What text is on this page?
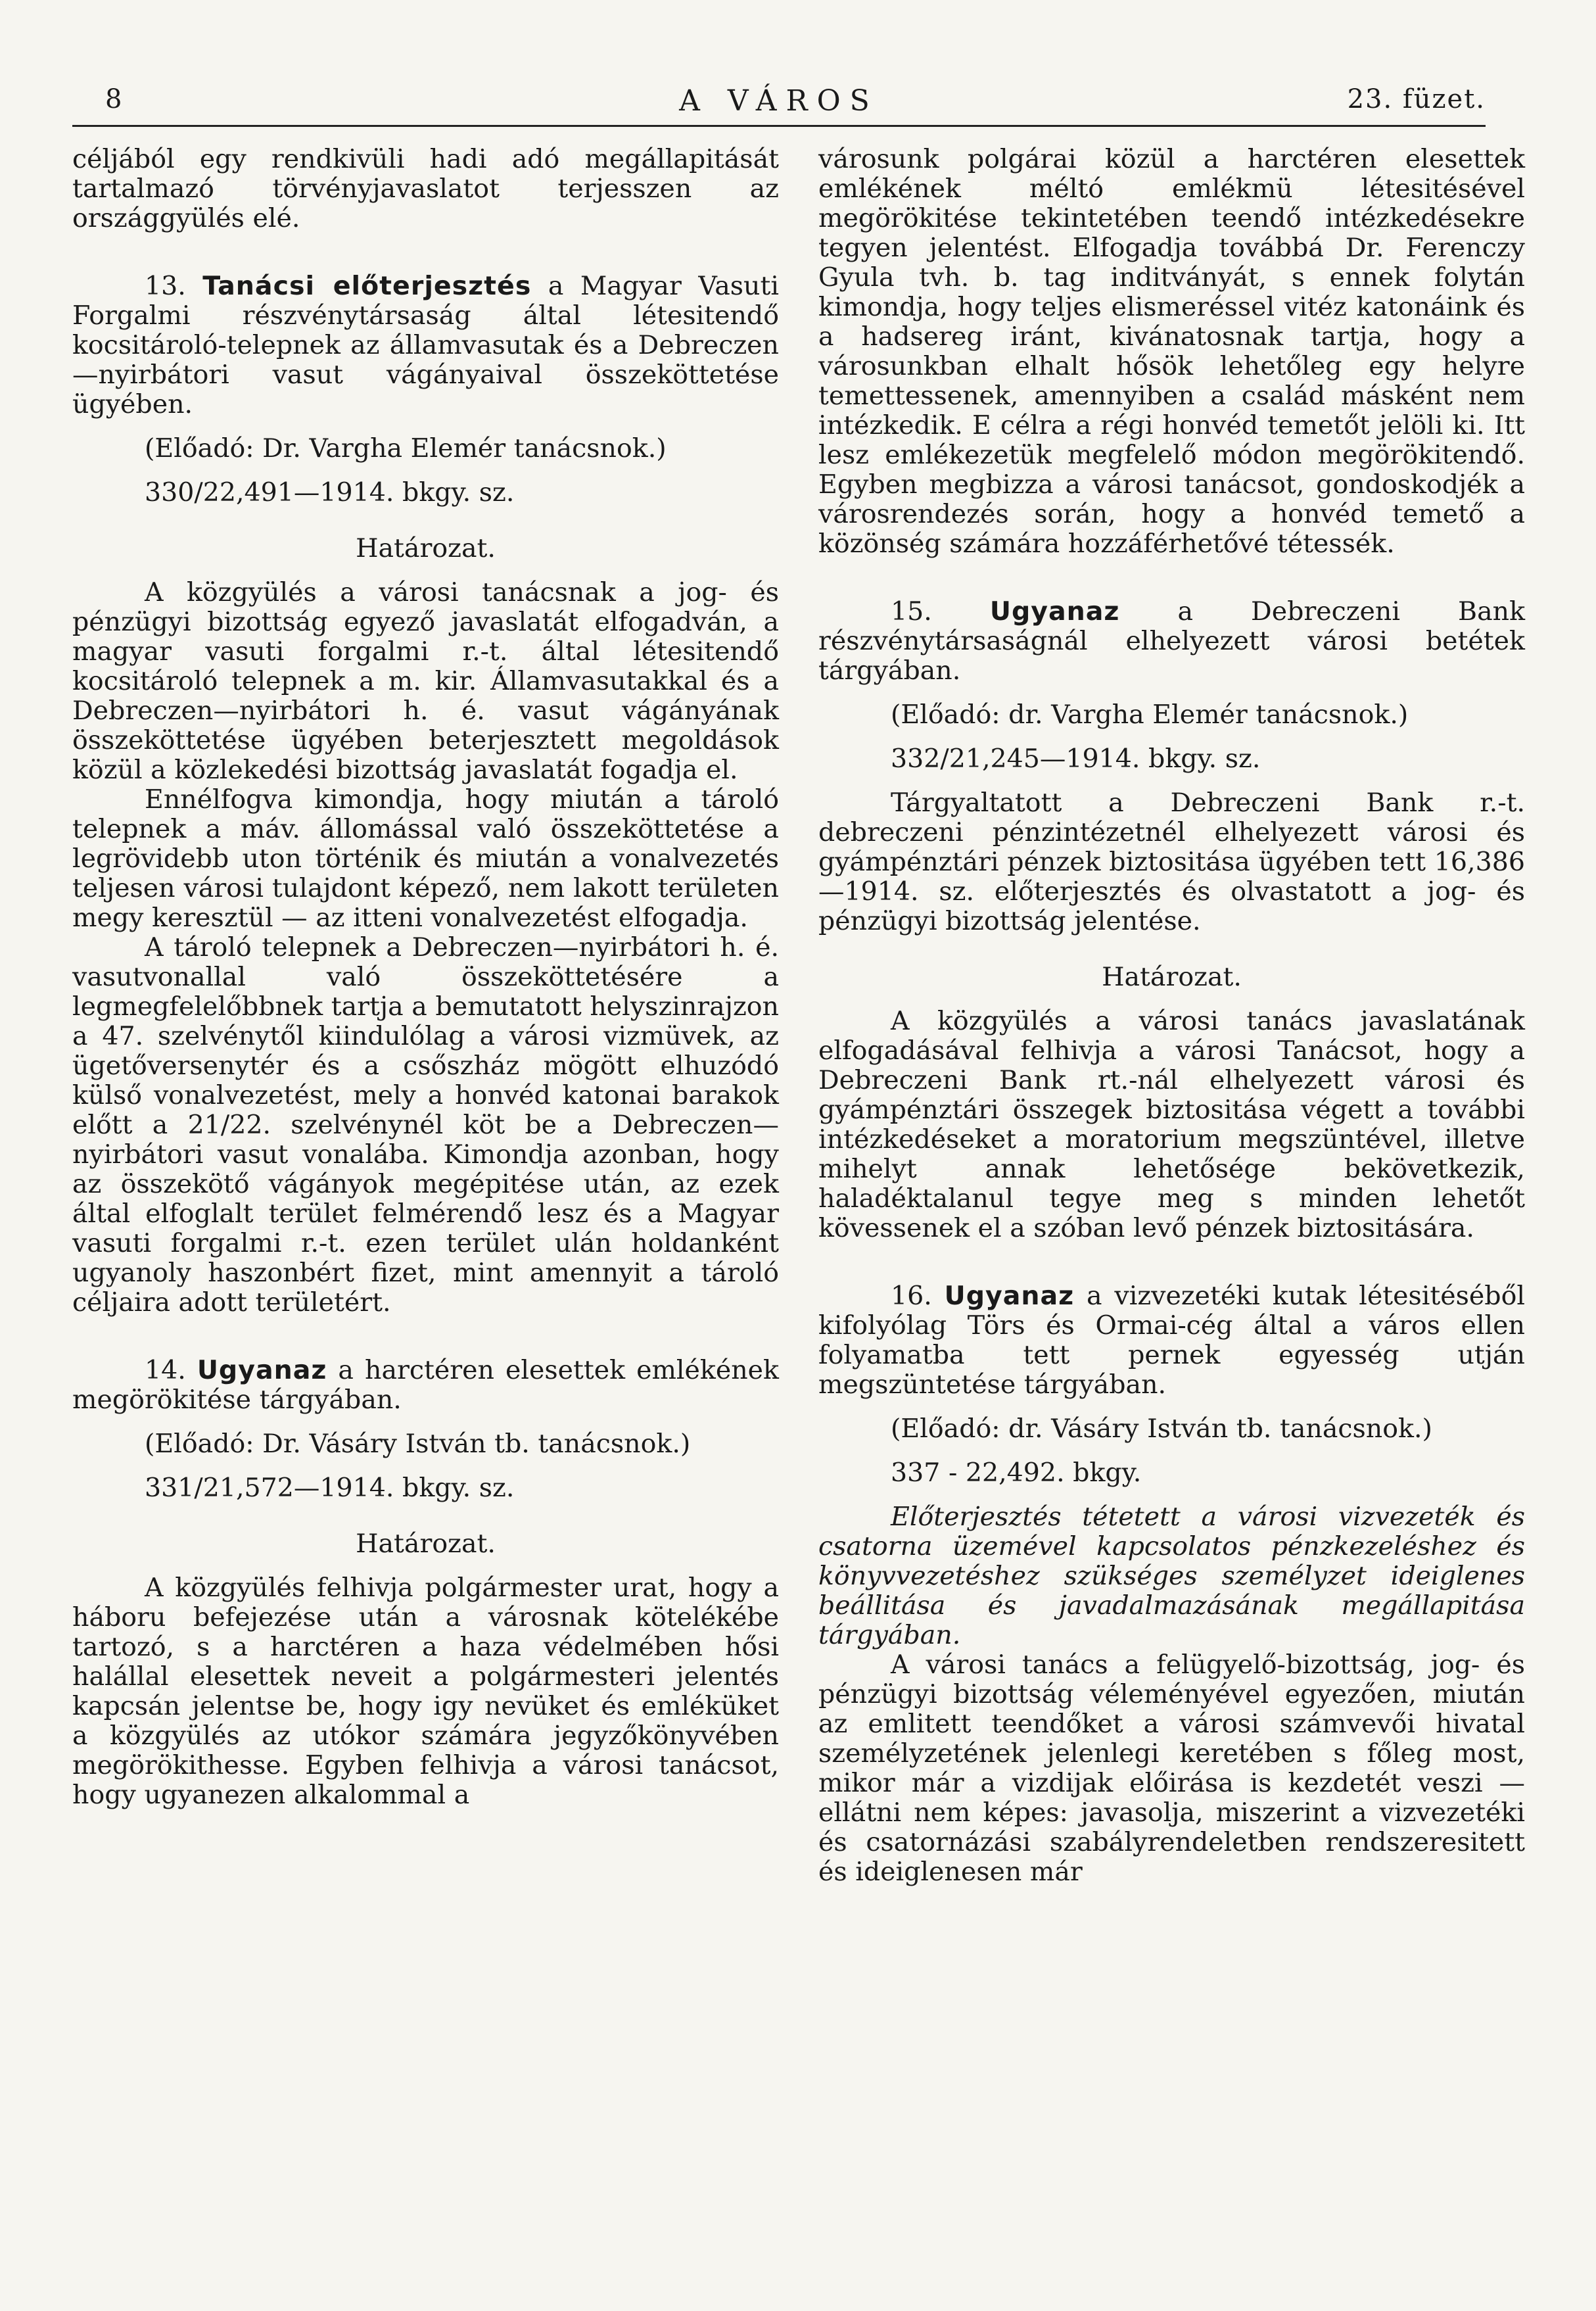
8	A VÁROS	23. füzet.

céljából egy rendkivüli hadi adó megállapitását tartalmazó törvényjavaslatot terjesszen az országgyülés elé.

13. Tanácsi előterjesztés a Magyar Vasuti Forgalmi részvénytársaság által létesitendő kocsitároló-telepnek az államvasutak és a Debreczen—nyirbátori vasut vágányaival összeköttetése ügyében.

(Előadó: Dr. Vargha Elemér tanácsnok.)

330/22,491—1914. bkgy. sz.

Határozat.

A közgyülés a városi tanácsnak a jog- és pénzügyi bizottság egyező javaslatát elfogadván, a magyar vasuti forgalmi r.-t. által létesitendő kocsitároló telepnek a m. kir. Államvasutakkal és a Debreczen—nyirbátori h. é. vasut vágányának összeköttetése ügyében beterjesztett megoldások közül a közlekedési bizottság javaslatát fogadja el.

Ennélfogva kimondja, hogy miután a tároló telepnek a máv. állomással való összeköttetése a legrövidebb uton történik és miután a vonalvezetés teljesen városi tulajdont képező, nem lakott területen megy keresztül — az itteni vonalvezetést elfogadja.

A tároló telepnek a Debreczen—nyirbátori h. é. vasutvonallal való összeköttetésére a legmegfelelőbbnek tartja a bemutatott helyszinrajzon a 47. szelvénytől kiindulólag a városi vizmüvek, az ügetőversenytér és a csőszház mögött elhuzódó külső vonalvezetést, mely a honvéd katonai barakok előtt a 21/22. szelvénynél köt be a Debreczen—nyirbátori vasut vonalába. Kimondja azonban, hogy az összekötő vágányok megépitése után, az ezek által elfoglalt terület felmérendő lesz és a Magyar vasuti forgalmi r.-t. ezen terület ulán holdanként ugyanoly haszonbért fizet, mint amennyit a tároló céljaira adott területért.

14. Ugyanaz a harctéren elesettek emlékének megörökitése tárgyában.

(Előadó: Dr. Vásáry István tb. tanácsnok.)

331/21,572—1914. bkgy. sz.

Határozat.

A közgyülés felhivja polgármester urat, hogy a háboru befejezése után a városnak kötelékébe tartozó, s a harctéren a haza védelmében hősi halállal elesettek neveit a polgármesteri jelentés kapcsán jelentse be, hogy igy nevüket és emléküket a közgyülés az utókor számára jegyzőkönyvében megörökithesse. Egyben felhivja a városi tanácsot, hogy ugyanezen alkalommal a

városunk polgárai közül a harctéren elesettek emlékének méltó emlékmü létesitésével megörökitése tekintetében teendő intézkedésekre tegyen jelentést. Elfogadja továbbá Dr. Ferenczy Gyula tvh. b. tag inditványát, s ennek folytán kimondja, hogy teljes elismeréssel vitéz katonáink és a hadsereg iránt, kivánatosnak tartja, hogy a városunkban elhalt hősök lehetőleg egy helyre temettessenek, amennyiben a család másként nem intézkedik. E célra a régi honvéd temetőt jelöli ki. Itt lesz emlékezetük megfelelő módon megörökitendő. Egyben megbizza a városi tanácsot, gondoskodjék a városrendezés során, hogy a honvéd temető a közönség számára hozzáférhetővé tétessék.

15. Ugyanaz a Debreczeni Bank részvénytársaságnál elhelyezett városi betétek tárgyában.

(Előadó: dr. Vargha Elemér tanácsnok.)

332/21,245—1914. bkgy. sz.

Tárgyaltatott a Debreczeni Bank r.-t. debreczeni pénzintézetnél elhelyezett városi és gyámpénztári pénzek biztositása ügyében tett 16,386—1914. sz. előterjesztés és olvastatott a jog- és pénzügyi bizottság jelentése.

Határozat.

A közgyülés a városi tanács javaslatának elfogadásával felhivja a városi Tanácsot, hogy a Debreczeni Bank rt.-nál elhelyezett városi és gyámpénztári összegek biztositása végett a további intézkedéseket a moratorium megszüntével, illetve mihelyt annak lehetősége bekövetkezik, haladéktalanul tegye meg s minden lehetőt kövessenek el a szóban levő pénzek biztositására.

16. Ugyanaz a vizvezetéki kutak létesitéséből kifolyólag Törs és Ormai-cég által a város ellen folyamatba tett pernek egyesség utján megszüntetése tárgyában.

(Előadó: dr. Vásáry István tb. tanácsnok.)

337 - 22,492. bkgy.

Előterjesztés tétetett a városi vizvezeték és csatorna üzemével kapcsolatos pénzkezeléshez és könyvvezetéshez szükséges személyzet ideiglenes beállitása és javadalmazásának megállapitása tárgyában.

A városi tanács a felügyelő-bizottság, jog- és pénzügyi bizottság véleményével egyezően, miután az emlitett teendőket a városi számvevői hivatal személyzetének jelenlegi keretében s főleg most, mikor már a vizdijak előirása is kezdetét veszi — ellátni nem képes: javasolja, miszerint a vizvezetéki és csatornázási szabályrendeletben rendszeresitett és ideiglenesen már
